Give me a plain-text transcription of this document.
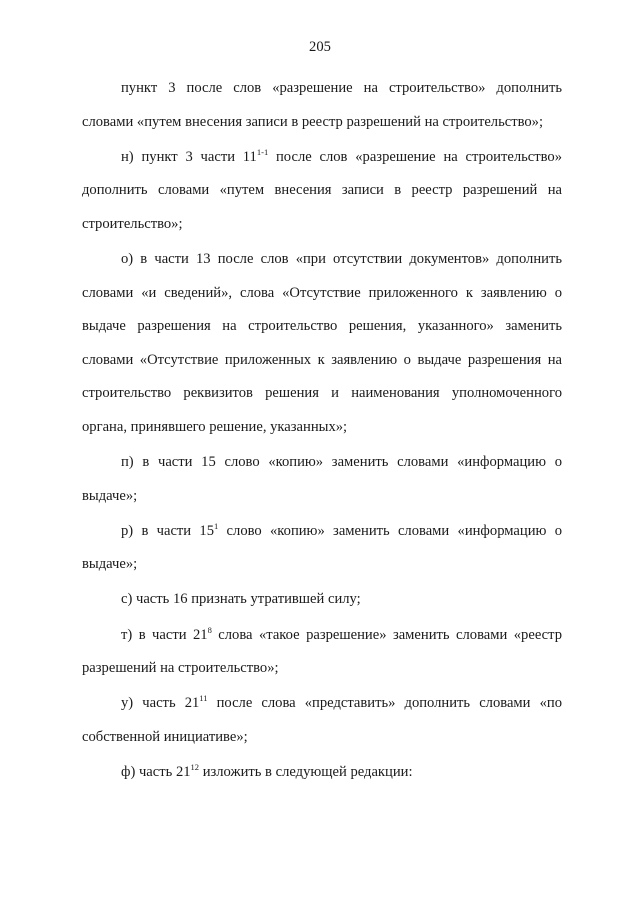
205

пункт 3 после слов «разрешение на строительство» дополнить словами «путем внесения записи в реестр разрешений на строительство»;

н) пункт 3 части 11$^{1-1}$ после слов «разрешение на строительство» дополнить словами «путем внесения записи в реестр разрешений на строительство»;

о) в части 13 после слов «при отсутствии документов» дополнить словами «и сведений», слова «Отсутствие приложенного к заявлению о выдаче разрешения на строительство решения, указанного» заменить словами «Отсутствие приложенных к заявлению о выдаче разрешения на строительство реквизитов решения и наименования уполномоченного органа, принявшего решение, указанных»;

п) в части 15 слово «копию» заменить словами «информацию о выдаче»;

р) в части $15^1$ слово «копию» заменить словами «информацию о выдаче»;

с) часть 16 признать утратившей силу;

т) в части $21^8$ слова «такое разрешение» заменить словами «реестр разрешений на строительство»;

у) часть $21^{11}$ после слова «представить» дополнить словами «по собственной инициативе»;

ф) часть $21^{12}$ изложить в следующей редакции:
